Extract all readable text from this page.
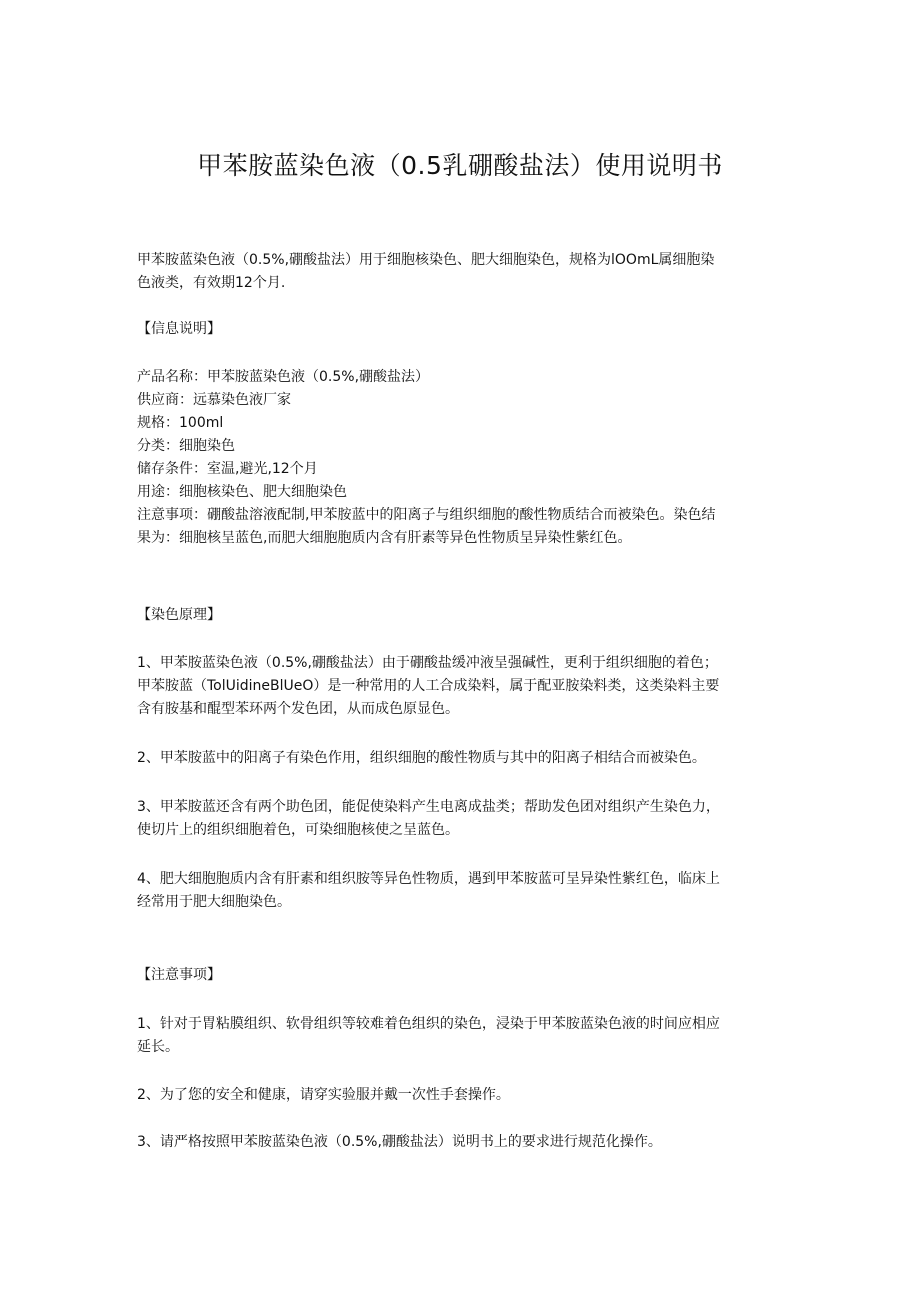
甲苯胺蓝染色液（0.5乳硼酸盐法）使用说明书

甲苯胺蓝染色液（0.5%,硼酸盐法）用于细胞核染色、肥大细胞染色，规格为lOOmL属细胞染
色液类，有效期12个月.

【信息说明】

产品名称：甲苯胺蓝染色液（0.5%,硼酸盐法）
供应商：远慕染色液厂家
规格：100ml
分类：细胞染色
储存条件：室温,避光,12个月
用途：细胞核染色、肥大细胞染色
注意事项：硼酸盐溶液配制,甲苯胺蓝中的阳离子与组织细胞的酸性物质结合而被染色。染色结
果为：细胞核呈蓝色,而肥大细胞胞质内含有肝素等异色性物质呈异染性紫红色。

【染色原理】

1、甲苯胺蓝染色液（0.5%,硼酸盐法）由于硼酸盐缓冲液呈强碱性，更利于组织细胞的着色；
甲苯胺蓝（TolUidineBlUeO）是一种常用的人工合成染料，属于配亚胺染料类，这类染料主要
含有胺基和醌型苯环两个发色团，从而成色原显色。
2、甲苯胺蓝中的阳离子有染色作用，组织细胞的酸性物质与其中的阳离子相结合而被染色。
3、甲苯胺蓝还含有两个助色团，能促使染料产生电离成盐类；帮助发色团对组织产生染色力，
使切片上的组织细胞着色，可染细胞核使之呈蓝色。
4、肥大细胞胞质内含有肝素和组织胺等异色性物质，遇到甲苯胺蓝可呈异染性紫红色，临床上
经常用于肥大细胞染色。

【注意事项】

1、针对于胃粘膜组织、软骨组织等较难着色组织的染色，浸染于甲苯胺蓝染色液的时间应相应
延长。
2、为了您的安全和健康，请穿实验服并戴一次性手套操作。
3、请严格按照甲苯胺蓝染色液（0.5%,硼酸盐法）说明书上的要求进行规范化操作。
